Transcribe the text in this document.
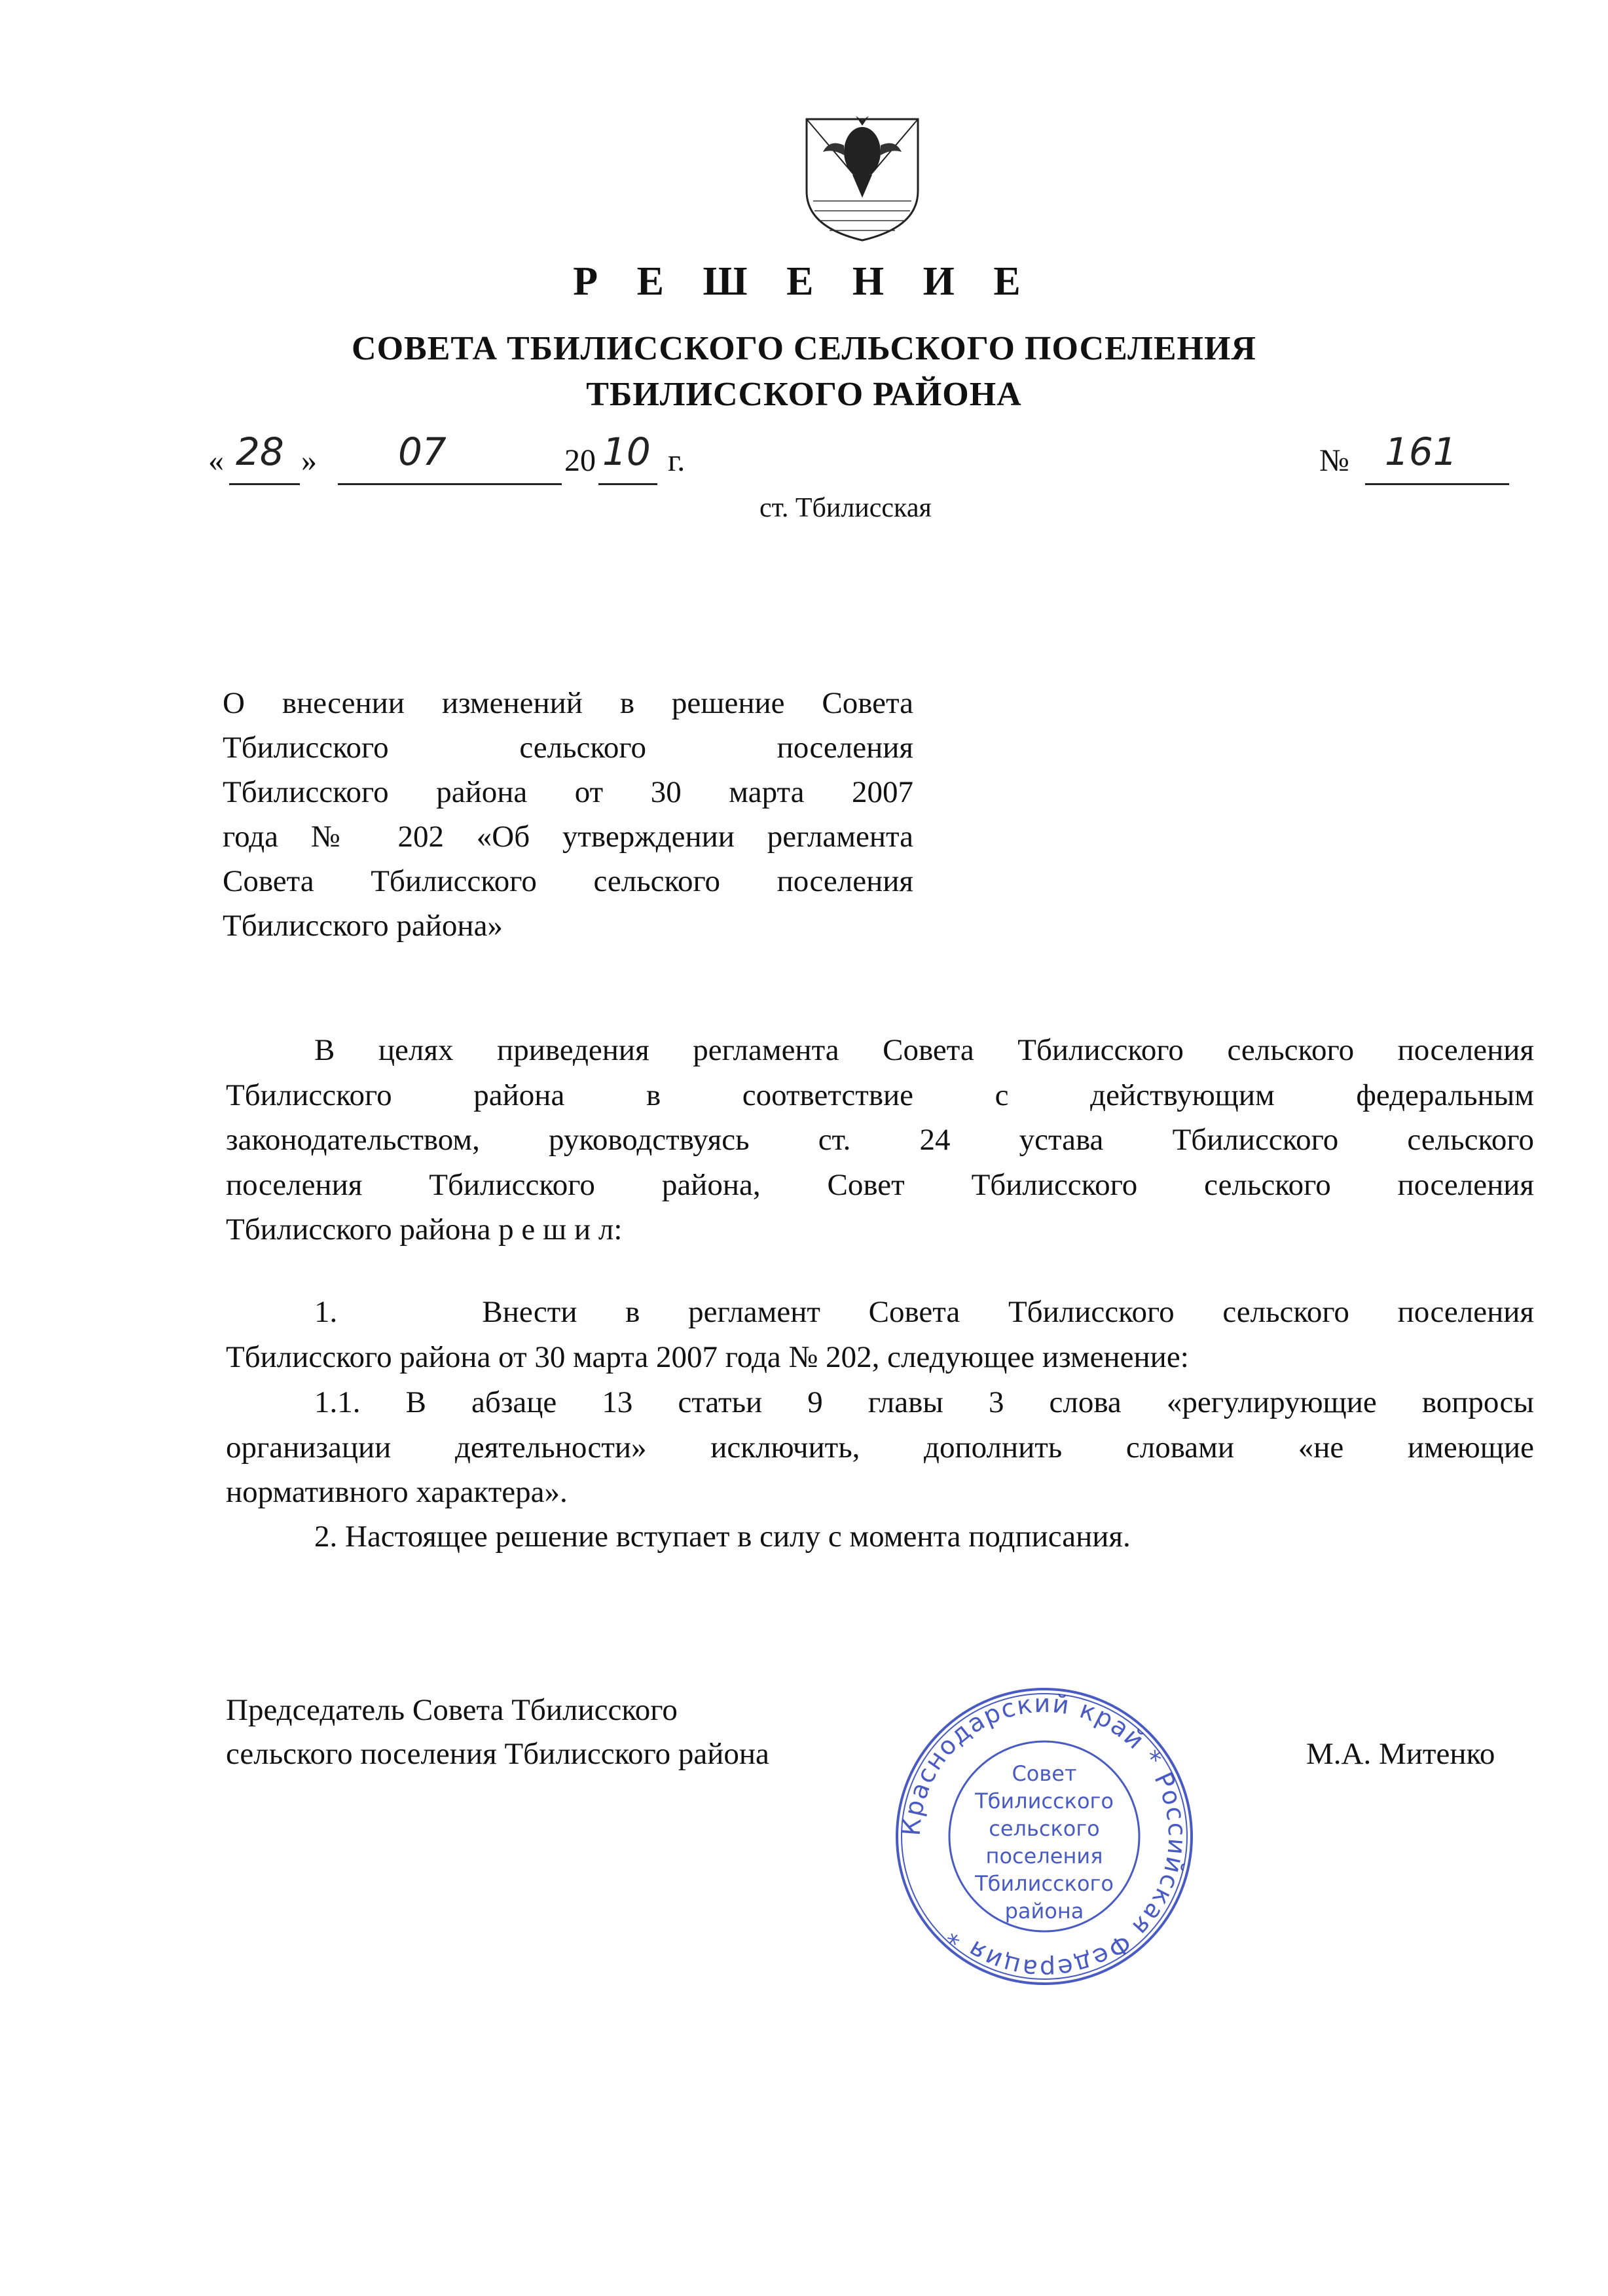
Р Е Ш Е Н И Е
СОВЕТА ТБИЛИССКОГО СЕЛЬСКОГО ПОСЕЛЕНИЯ
ТБИЛИССКОГО РАЙОНА
« 28 » 07	20 10 г.	№ 161
ст. Тбилисская
О внесении изменений в решение Совета
Тбилисского сельского поселения
Тбилисского района от 30 марта 2007
года № 202 «Об утверждении регламента
Совета Тбилисского сельского поселения
Тбилисского района»
В целях приведения регламента Совета Тбилисского сельского поселения
Тбилисского района в соответствие с действующим федеральным
законодательством, руководствуясь ст. 24 устава Тбилисского сельского
поселения Тбилисского района, Совет Тбилисского сельского поселения
Тбилисского района р е ш и л:
1.   Внести в регламент Совета Тбилисского сельского поселения
Тбилисского района от 30 марта 2007 года № 202, следующее изменение:
1.1. В абзаце 13 статьи 9 главы 3 слова «регулирующие вопросы
организации деятельности» исключить, дополнить словами «не имеющие
нормативного характера».
2. Настоящее решение вступает в силу с момента подписания.
Председатель Совета Тбилисского
сельского поселения Тбилисского района	М.А. Митенко
Краснодарский край * Российская Федерация *
Совет
Тбилисского
сельского
поселения
Тбилисского
района
